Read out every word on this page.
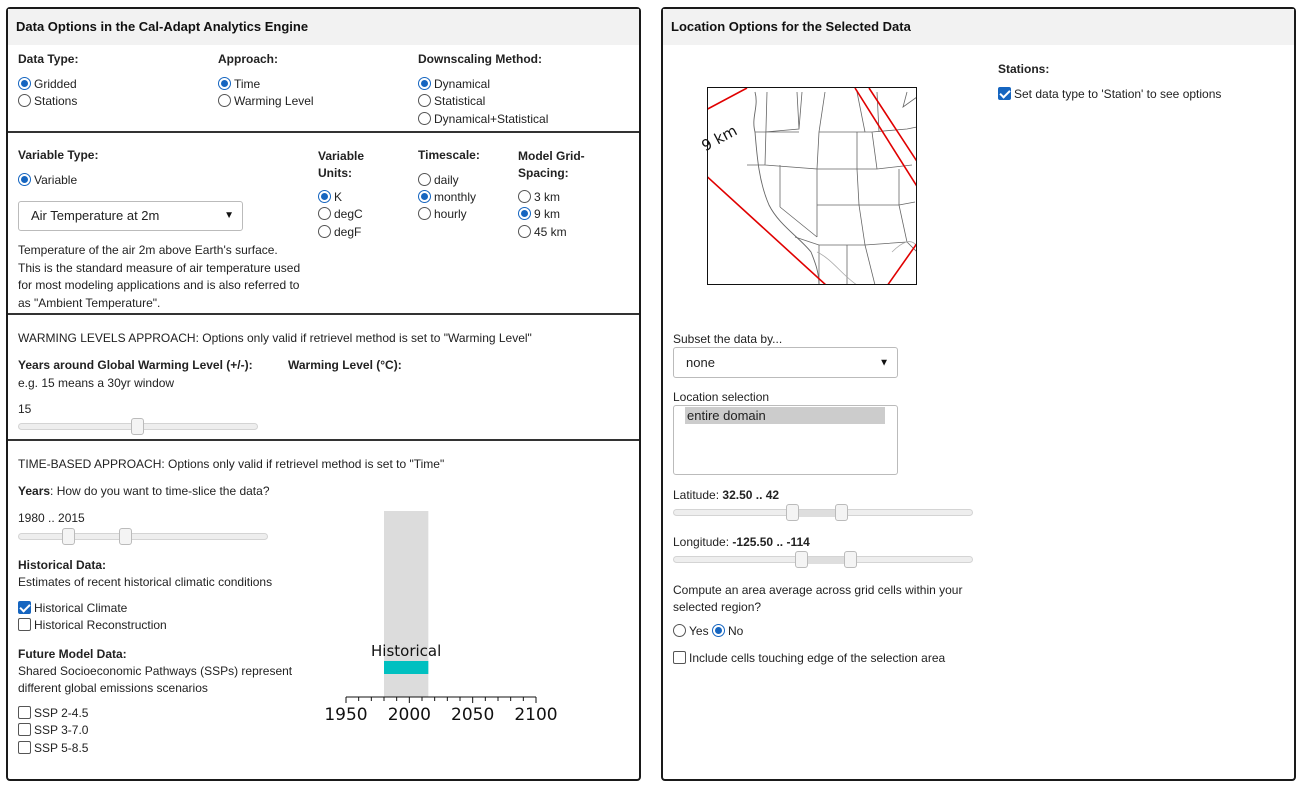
Data Options in the Cal-Adapt Analytics Engine
Data Type:
Gridded
Stations
Approach:
Time
Warming Level
Downscaling Method:
Dynamical
Statistical
Dynamical+Statistical
Variable Type:
Variable
Air Temperature at 2m	▼
Temperature of the air 2m above Earth's surface. This is the standard measure of air temperature used for most modeling applications and is also referred to as "Ambient Temperature".
Variable
Units:
K
degC
degF
Timescale:
daily
monthly
hourly
Model Grid-
Spacing:
3 km
9 km
45 km
WARMING LEVELS APPROACH: Options only valid if retrievel method is set to "Warming Level"
Years around Global Warming Level (+/-):
e.g. 15 means a 30yr window
15
Warming Level (°C):
TIME-BASED APPROACH: Options only valid if retrievel method is set to "Time"
Years: How do you want to time-slice the data?
1980 .. 2015
Historical Data:
Estimates of recent historical climatic conditions
Historical Climate
Historical Reconstruction
Future Model Data:
Shared Socioeconomic Pathways (SSPs) represent
different global emissions scenarios
SSP 2-4.5
SSP 3-7.0
SSP 5-8.5
Historical
1950 2000 2050 2100
Location Options for the Selected Data
9 km
Stations:
Set data type to 'Station' to see options
Subset the data by...
none	▼
Location selection
entire domain
Latitude: 32.50 .. 42
Longitude: -125.50 .. -114
Compute an area average across grid cells within your
selected region?
Yes	No
Include cells touching edge of the selection area
